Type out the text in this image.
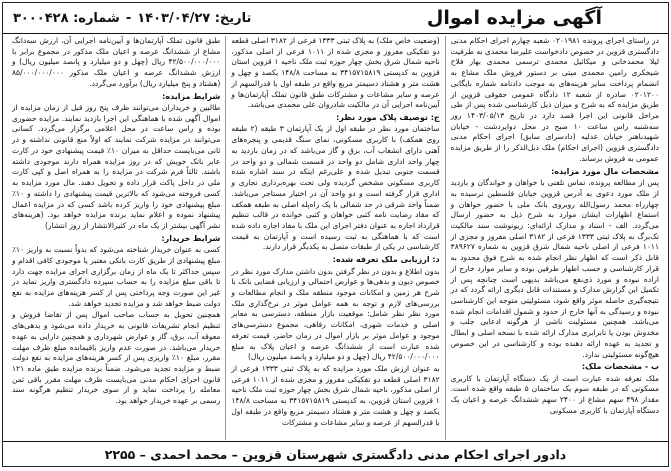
آگهی مزایده اموال
تاریخ: ۱۴۰۳/۰۴/۲۷
-
شماره: ۳۰۰۰۴۲۸

در راستای اجرای پرونده ۰۲۰۱۹۸۱ شعبه چهارم اجرای احکام مدنی دادگستری قزوین در خصوص دادخواست علیرضا محمدی به طرفیت لیلا محمدخانی و میکائیل محمدی ترسمی محمدی بهار فلاح شیخکری رامین محمدی میتی بر دستور فروش ملک مشاع به انضمام پرداخت سایر هزینه‌های به موجب دادنامه شماره بایگانی ۰۲۰۱۲۰۰ صادره از شعبه ۱۲ دادگاه عمومی حقوقی قزوین از طریق مزایده که به شرح و میزان ذیل کارشناسی شده پس از طی مراحل قانونی این اجرا قصد دارد در تاریخ ۱۴۰۳/۰۵/۱۳ روز سه‌شنبه راس ساعت ۱۰ صبح در محل دوایر‌دشت - خیابان شهیدباهنر خیابان عدلیه (دادسرای سابق) اجرای احکام مدنی دادگستری قزوین (اجرای احکام) ملک ذیل‌الذکر را از طریق مزایده عمومی به فروش برساند.

مشخصات مال مورد مزایده:

پس از مطالعه پرونده، تماس تلفنی با خواهان و خواندگان و بازدید از ملک مورد دعوی به آدرس قزوین خیابان فلسطین نرسیده به چهارراه محمد رسول‌الله روبروی بانک ملی با حضور خواهان و استماع اظهارات ایشان موارد به شرح ذیل به حضور ارسال می‌گردد. الف - اسناد و مدارک ارائه‌ای: ریونوشت سند مالکیت تک‌برگ به پلاک ثبتی ۱۳۳۳ فرعی از ۳۱۸۲ اصلی مفروز و مجزی از ۱۰۱۱ فرعی از اصلی ناحیه شمال شرق قزوین به شماره ۳۸۹۶۲۷ قابل ذکر است که اظهار نظر انجام شده به شرح فوق محدود به قرار کارشناسی و حسب اظهار طرفین بوده و سایر موارد خارج از اراده نبوده و مورد ذی‌نفع می‌باشد بدیهی است چنانچه پس از تکمیل این گزارش مدارک و مستندات قابل دیگری ارائه گردد که در نتیجه‌گیری حاصله موثر واقع شود، مسئولیتی متوجه این کارشناسی نبوده و رسیدگی به آنها خارج از حدود و شمول اقدامات انجام شده می‌باشد. همچنین مسئولیت ناشی از هرگونه ادعایی جلب و مخدوش بودن یا نابرابری مدارک ارائه شده با نسخه اصلی و ابطال و تجدید به عهده ارائه دهنده بوده و کارشناسی در این خصوص هیچ‌گونه مسئولیتی ندارد.

ب - مشخصات ملک:

ملک تعرفه شده عبارت است از یک دستگاه آپارتمان با کاربری مسکونی که در طبقه سوم یک ساختمان ۵ طبقه واقع شده است. مقدار ۴۹۸ سهم مشاع از ۲۴۰۰ سهم ششدانگ عرصه و اعیان یک دستگاه آپارتمان با کاربری مسکونی

(وضعیت خاص ملک) به پلاک ثبتی ۱۳۳۳ فرعی از ۳۱۸۲ اصلی قطعه دو تفکیکی مفروز و مجزی شده از ۱۰۱۱ فرعی از اصلی مذکور، ناحیه شمال شرق بخش چهار حوزه ثبت ملک ناحیه ۱ قزوین استان قزوین به کدپستی ۳۴۱۵۷۱۵۸۱۹ به مساحت ۱۴۸/۸ یکصد و چهل و هشت متر و هشتاد دسیمتر مربع واقع در طبقه اول با قدرالسهم از عرصه و سایر مشاعات و مشترکات طبق قانون تملک آپارتمان‌ها و آیین‌نامه اجرایی آن در مالکیت شادروان علی محمدی می‌باشد.

ج: توصیف پلاک مورد نظر:

ساختمان مورد نظر در طبقه اول از یک آپارتمان ۳ طبقه (۲ طبقه روی همکف) با کاربری مسکونی، نمای سنگ قدیمی و پنجره‌های آهنی دارای انشعاب آب، برق و گاز می‌باشد که در زمان بازدید به چهار واحد اداری شامل دو واحد در قسمت شمالی و دو واحد در قسمت جنوبی تبدیل شده و علی‌رغم اینکه در سند اشاره شده کاربری مسکونی مشخص گردیده ولی تحت بهره‌برداری تجاری و اداری قرار گرفته است و دو واحد آن در اختیار مستاجر می‌باشد. ضمناً واحد شرقی در حد شمالی با یک راه‌پله اصلی به طبقه همکف که مفاد رضایت نامه کتبی خواهان و کتبی خوانده در قالب تنظیم قرارداد اجاره به عنوان دفتر اجرای این ملک با مفاد اجاره داده شده است که با هماهنگی به ثبت رسیده است و آپارتمان به قیمت کارشناسی در یکی از طبقات متصل به یکدیگر قرار دارند.

د: ارزیابی ملک تعرفه شده:

بدون اطلاع و بدون در نظر گرفتن بدون داشتن مدارک مورد نظر در خصوص دیون و بدهی‌ها و عوارض احتمالی و ارزیابی فضایی بانک با شرح هر زمین و امکانات موجود منطقه ملک و انجام مطالعات و بررسی‌های لازم و توجه به همه عوامل موثر در نرخ‌گذاری ملک مورد نظر نظر شامل: موقعیت بازار منطقه، دسترسی به معابر اصلی و خدمات شهری، امکانات رفاهی، مجموع دسترسی‌های موجود و عوامل موثر بر بازار اموال در زمان حاضر، قیمت تعرفه شده عبارت است از ششدانگ عرصه و اعیان پلاک به مبلغ ۴۲/۵۰۰/۰۰۰/۰۰۰ ریال (چهل و دو میلیارد و پانصد میلیون ریال)

به عنوان ارزش ملک مورد مزایده که به پلاک ثبتی ۱۳۳۳ فرعی از ۳۱۸۲ اصلی قطعه دو تفکیکی مفروز و مجزی شده از ۱۰۱۱ فرعی از اصلی مذکور، ناحیه شمال شرق بخش چهار حوزه ثبت ملک ناحیه ۱ قزوین استان قزوین، به کدپستی ۳۴۱۵۷۱۵۸۱۹ به مساحت ۱۴۸/۸ یکصد و چهل و هشت متر و هشتاد دسیمتر مربع واقع در طبقه اول با قدرالسهم از عرصه و سایر مشاعات و مشترکات

طبق قانون تملک آپارتمان‌ها و آیین‌نامه اجرایی آن، ارزش سه‌دانگ مشاع از ششدانگ عرصه و اعیان ملک مذکور در مجموع برابر با ۴۲/۵۰۰/۰۰۰/۰۰۰ ریال (چهل و دو میلیارد و پانصد میلیون ریال) و ارزش ششدانگ عرصه و اعیان ملک مذکور ۸۵/۰۰۰/۰۰۰/۰۰۰ (هشتاد و پنج میلیارد ریال) برآورد می‌گردد.

شرایط مزایده:

طالبین و خریداران می‌توانند ظرف پنج روز قبل از زمان مزایده از اموال آگهی شده با هماهنگی این اجرا بازدید نمایند. مزایده حضوری بوده و راس ساعت در محل اعلامی برگزار می‌گردد. کسانی می‌توانند در مزایده شرکت نمایند که اولاً منع قانونی نداشته و در ثانی می‌بایست حداقل به میزان ۱۰٪ قیمت پیشنهادی خود در کارت عابر بانک خویش که در روز مزایده همراه دارند موجودی داشته باشند. ثالثاً فرم شرکت در مزایده را به همراه اصل و کپی کارت ملی در داخل پاکت قرار داده و تحویل دهند. مال مورد مزایده به کسی فروخته می‌شود که بالاترین قیمت پیشنهادی را داشته و ۱۰٪ مبلغ پیشنهادی خود را واریز کرده باشد کسی که در مزایده اعمال پیشنهاد نموده و اعلام نماید برنده مزایده خواهد بود. (هزینه‌های نشر آگهی بیشتر از یک ماه در کثیرالانتشار از روز انتشار)

شرایط خریدار:

کسی به عنوان خریدار شناخته می‌شود که بدواً نسبت به واریز ۱۰٪ مبلغ پیشنهادی از طریق کارت بانکی معتبر یا موجودی کافی اقدام و سپس حداکثر تا یک ماه از زمان برگزاری اجرای مزایده جهت دارد تا باقی مبلغ مزایده را به حساب سپرده دادگستری واریز نماید در غیر این صورت وجه پرداختی پس از کسر هزینه‌های مزایده به نفع دولت ضبط خواهد شد و مزایده تجدید خواهد شد.

همچنین تحویل به حساب صاحب اموال پس از تقاضا فروش و تنظیم انجام تشریفات قانونی به خریدار داده می‌شود و بدهی‌های معوقه آب، برق، گاز و عوارض شهرداری و همچنین دارایی به عهده خریدار می‌باشد. در صورت عدم واریز باقیمانده مبلغ ظرف مهلت مقرر، مبلغ ۱۰٪ واریزی پس از کسر هزینه‌های مزایده به نفع دولت ضبط و مزایده تجدید می‌شود. ضمناً برنده مزایده طبق ماده ۱۲۱ قانون اجرای احکام مدنی می‌بایست ظرف مهلت مقرر باقی ثمن معامله را پرداخت نماید و از سوی خریدار تنظیم هرگونه سند رسمی بر عهده خریدار خواهد بود.

دادور اجرای احکام مدنی دادگستری شهرستان قزوین – محمد احمدی – ۲۲۵۵
